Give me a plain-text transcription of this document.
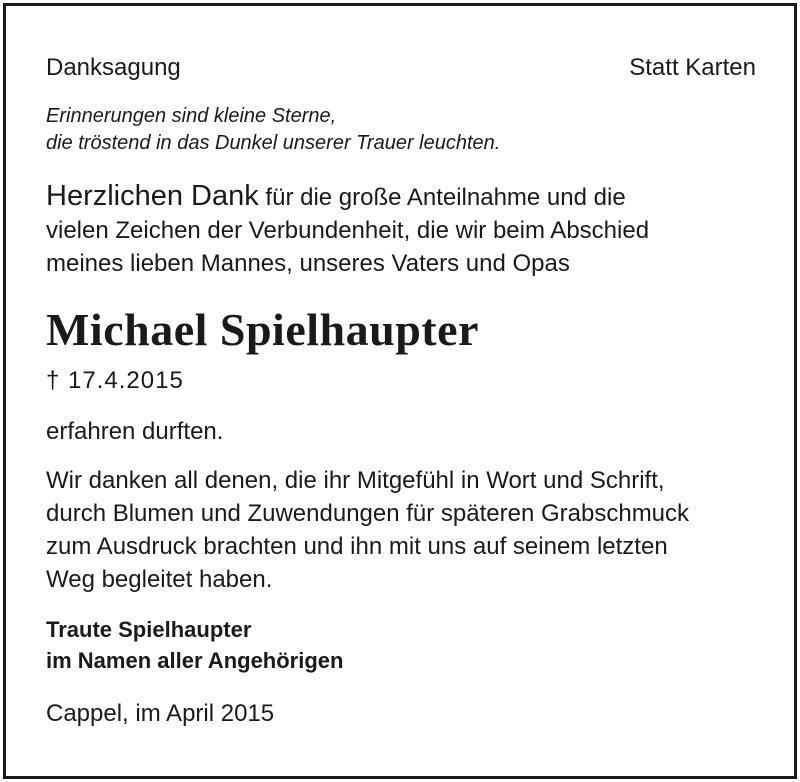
Danksagung	Statt Karten
Erinnerungen sind kleine Sterne,
die tröstend in das Dunkel unserer Trauer leuchten.
Herzlichen Dank für die große Anteilnahme und die
vielen Zeichen der Verbundenheit, die wir beim Abschied
meines lieben Mannes, unseres Vaters und Opas
Michael Spielhaupter
† 17.4.2015
erfahren durften.
Wir danken all denen, die ihr Mitgefühl in Wort und Schrift,
durch Blumen und Zuwendungen für späteren Grabschmuck
zum Ausdruck brachten und ihn mit uns auf seinem letzten
Weg begleitet haben.
Traute Spielhaupter
im Namen aller Angehörigen
Cappel, im April 2015
